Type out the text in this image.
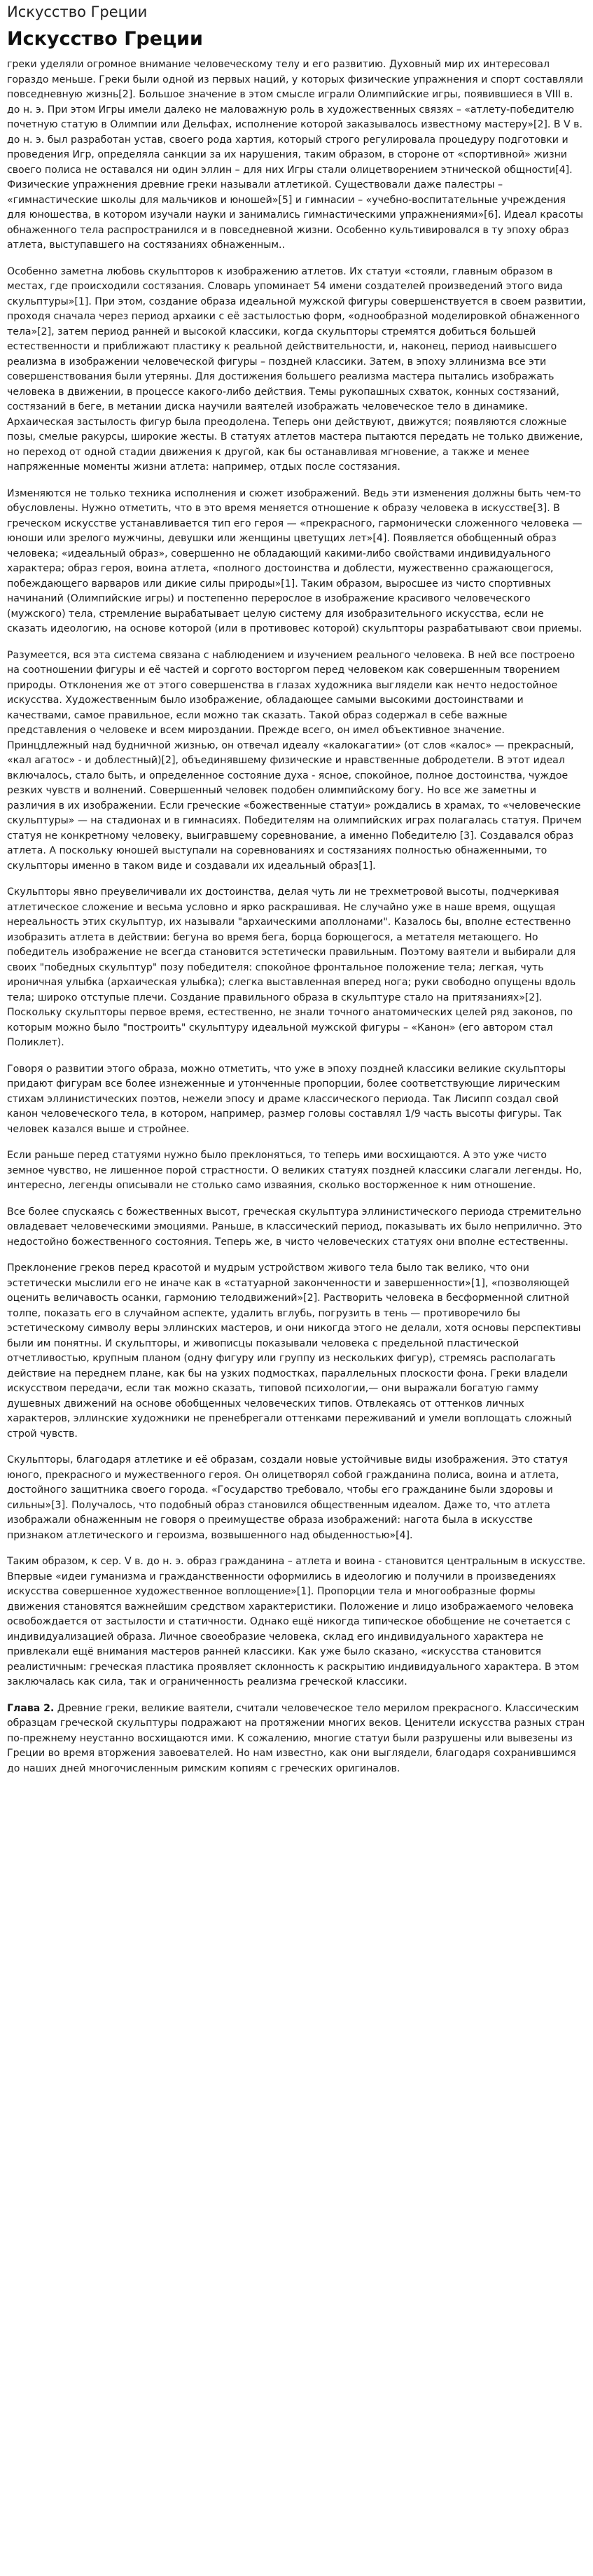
Искусство Греции
Искусство Греции

греки уделяли огромное внимание человеческому телу и его развитию. Духовный мир их интересовал гораздо меньше. Греки были одной из первых наций, у которых физические упражнения и спорт составляли повседневную жизнь[2]. Большое значение в этом смысле играли Олимпийские игры, появившиеся в VIII в. до н. э. При этом Игры имели далеко не маловажную роль в художественных связях – «атлету-победителю почетную статую в Олимпии или Дельфах, исполнение которой заказывалось известному мастеру»[2]. В V в. до н. э. был разработан устав, своего рода хартия, который строго регулировала процедуру подготовки и проведения Игр, определяла санкции за их нарушения, таким образом, в стороне от «спортивной» жизни своего полиса не оставался ни один эллин – для них Игры стали олицетворением этнической общности[4]. Физические упражнения древние греки называли атлетикой. Существовали даже палестры – «гимнастические школы для мальчиков и юношей»[5] и гимнасии – «учебно-воспитательные учреждения для юношества, в котором изучали науки и занимались гимнастическими упражнениями»[6]. Идеал красоты обнаженного тела распространился и в повседневной жизни. Особенно культивировался в ту эпоху образ атлета, выступавшего на состязаниях обнаженным..

Особенно заметна любовь скульпторов к изображению атлетов. Их статуи «стояли, главным образом в местах, где происходили состязания. Словарь упоминает 54 имени создателей произведений этого вида скульптуры»[1]. При этом, создание образа идеальной мужской фигуры совершенствуется в своем развитии, проходя сначала через период архаики с её застылостью форм, «однообразной моделировкой обнаженного тела»[2], затем период ранней и высокой классики, когда скульпторы стремятся добиться большей естественности и приближают пластику к реальной действительности, и, наконец, период наивысшего реализма в изображении человеческой фигуры – поздней классики. Затем, в эпоху эллинизма все эти совершенствования были утеряны. Для достижения большего реализма мастера пытались изображать человека в движении, в процессе какого-либо действия. Темы рукопашных схваток, конных состязаний, состязаний в беге, в метании диска научили ваятелей изображать человеческое тело в динамике. Архаическая застылость фигур была преодолена. Теперь они действуют, движутся; появляются сложные позы, смелые ракурсы, широкие жесты. В статуях атлетов мастера пытаются передать не только движение, но переход от одной стадии движения к другой, как бы останавливая мгновение, а также и менее напряженные моменты жизни атлета: например, отдых после состязания.

Изменяются не только техника исполнения и сюжет изображений. Ведь эти изменения должны быть чем-то обусловлены. Нужно отметить, что в это время меняется отношение к образу человека в искусстве[3]. В греческом искусстве устанавливается тип его героя — «прекрасного, гармонически сложенного человека — юноши или зрелого мужчины, девушки или женщины цветущих лет»[4]. Появляется обобщенный образ человека; «идеальный образ», совершенно не обладающий какими-либо свойствами индивидуального характера; образ героя, воина атлета, «полного достоинства и доблести, мужественно сражающегося, побеждающего варваров или дикие силы природы»[1]. Таким образом, выросшее из чисто спортивных начинаний (Олимпийские игры) и постепенно перерослое в изображение красивого человеческого (мужского) тела, стремление вырабатывает целую систему для изобразительного искусства, если не сказать идеологию, на основе которой (или в противовес которой) скульпторы разрабатывают свои приемы.

Разумеется, вся эта система связана с наблюдением и изучением реального человека. В ней все построено на соотношении фигуры и её частей и соргото восторгом перед человеком как совершенным творением природы. Отклонения же от этого совершенства в глазах художника выглядели как нечто недостойное искусства. Художественным было изображение, обладающее самыми высокими достоинствами и качествами, самое правильное, если можно так сказать. Такой образ содержал в себе важные представления о человеке и всем мироздании. Прежде всего, он имел объективное значение. Принцдлежный над будничной жизнью, он отвечал идеалу «калокагатии» (от слов «калос» — прекрасный, «кал агатос» - и доблестный)[2], объединявшему физические и нравственные добродетели. В этот идеал включалось, стало быть, и определенное состояние духа - ясное, спокойное, полное достоинства, чуждое резких чувств и волнений. Совершенный человек подобен олимпийскому богу. Но все же заметны и различия в их изображении. Если греческие «божественные статуи» рождались в храмах, то «человеческие скульптуры» — на стадионах и в гимнасиях. Победителям на олимпийских играх полагалась статуя. Причем статуя не конкретному человеку, выигравшему соревнование, а именно Победителю [3]. Создавался образ атлета. А поскольку юношей выступали на соревнованиях и состязаниях полностью обнаженными, то скульпторы именно в таком виде и создавали их идеальный образ[1].

Скульпторы явно преувеличивали их достоинства, делая чуть ли не трехметровой высоты, подчеркивая атлетическое сложение и весьма условно и ярко раскрашивая. Не случайно уже в наше время, ощущая нереальность этих скульптур, их называли "архаическими аполлонами". Казалось бы, вполне естественно изобразить атлета в действии: бегуна во время бега, борца борющегося, а метателя метающего. Но победитель изображение не всегда становится эстетически правильным. Поэтому ваятели и выбирали для своих "победных скульптур" позу победителя: спокойное фронтальное положение тела; легкая, чуть ироничная улыбка (архаическая улыбка); слегка выставленная вперед нога; руки свободно опущены вдоль тела; широко отступые плечи. Создание правильного образа в скульптуре стало на притязаниях»[2]. Поскольку скульпторы первое время, естественно, не знали точного анатомических целей ряд законов, по которым можно было "построить" скульптуру идеальной мужской фигуры – «Канон» (его автором стал Поликлет).

Говоря о развитии этого образа, можно отметить, что уже в эпоху поздней классики великие скульпторы придают фигурам все более изнеженные и утонченные пропорции, более соответствующие лирическим стихам эллинистических поэтов, нежели эпосу и драме классического периода. Так Лисипп создал свой канон человеческого тела, в котором, например, размер головы составлял 1/9 часть высоты фигуры. Так человек казался выше и стройнее.

Если раньше перед статуями нужно было преклоняться, то теперь ими восхищаются. А это уже чисто земное чувство, не лишенное порой страстности. О великих статуях поздней классики слагали легенды. Но, интересно, легенды описывали не столько само изваяния, сколько восторженное к ним отношение.

Все более спускаясь с божественных высот, греческая скульптура эллинистического периода стремительно овладевает человеческими эмоциями. Раньше, в классический период, показывать их было неприлично. Это недостойно божественного состояния. Теперь же, в чисто человеческих статуях они вполне естественны.

Преклонение греков перед красотой и мудрым устройством живого тела было так велико, что они эстетически мыслили его не иначе как в «статуарной законченности и завершенности»[1], «позволяющей оценить величавость осанки, гармонию телодвижений»[2]. Растворить человека в бесформенной слитной толпе, показать его в случайном аспекте, удалить вглубь, погрузить в тень — противоречило бы эстетическому символу веры эллинских мастеров, и они никогда этого не делали, хотя основы перспективы были им понятны. И скульпторы, и живописцы показывали человека с предельной пластической отчетливостью, крупным планом (одну фигуру или группу из нескольких фигур), стремясь располагать действие на переднем плане, как бы на узких подмостках, параллельных плоскости фона. Греки владели искусством передачи, если так можно сказать, типовой психологии,— они выражали богатую гамму душевных движений на основе обобщенных человеческих типов. Отвлекаясь от оттенков личных характеров, эллинские художники не пренебрегали оттенками переживаний и умели воплощать сложный строй чувств.

Скульпторы, благодаря атлетике и её образам, создали новые устойчивые виды изображения. Это статуя юного, прекрасного и мужественного героя. Он олицетворял собой гражданина полиса, воина и атлета, достойного защитника своего города. «Государство требовало, чтобы его гражданине были здоровы и сильны»[3]. Получалось, что подобный образ становился общественным идеалом. Даже то, что атлета изображали обнаженным не говоря о преимуществе образа изображений: нагота была в искусстве признаком атлетического и героизма, возвышенного над обыденностью»[4].

Таким образом, к сер. V в. до н. э. образ гражданина – атлета и воина - становится центральным в искусстве. Впервые «идеи гуманизма и гражданственности оформились в идеологию и получили в произведениях искусства совершенное художественное воплощение»[1]. Пропорции тела и многообразные формы движения становятся важнейшим средством характеристики. Положение и лицо изображаемого человека освобождается от застылости и статичности. Однако ещё никогда типическое обобщение не сочетается с индивидуализацией образа. Личное своеобразие человека, склад его индивидуального характера не привлекали ещё внимания мастеров ранней классики. Как уже было сказано, «искусства становится реалистичным: греческая пластика проявляет склонность к раскрытию индивидуального характера. В этом заключалась как сила, так и ограниченность реализма греческой классики.

Глава 2. Древние греки, великие ваятели, считали человеческое тело мерилом прекрасного. Классическим образцам греческой скульптуры подражают на протяжении многих веков. Ценители искусства разных стран по-прежнему неустанно восхищаются ими. К сожалению, многие статуи были разрушены или вывезены из Греции во время вторжения завоевателей. Но нам известно, как они выглядели, благодаря сохранившимся до наших дней многочисленным римским копиям с греческих оригиналов.
